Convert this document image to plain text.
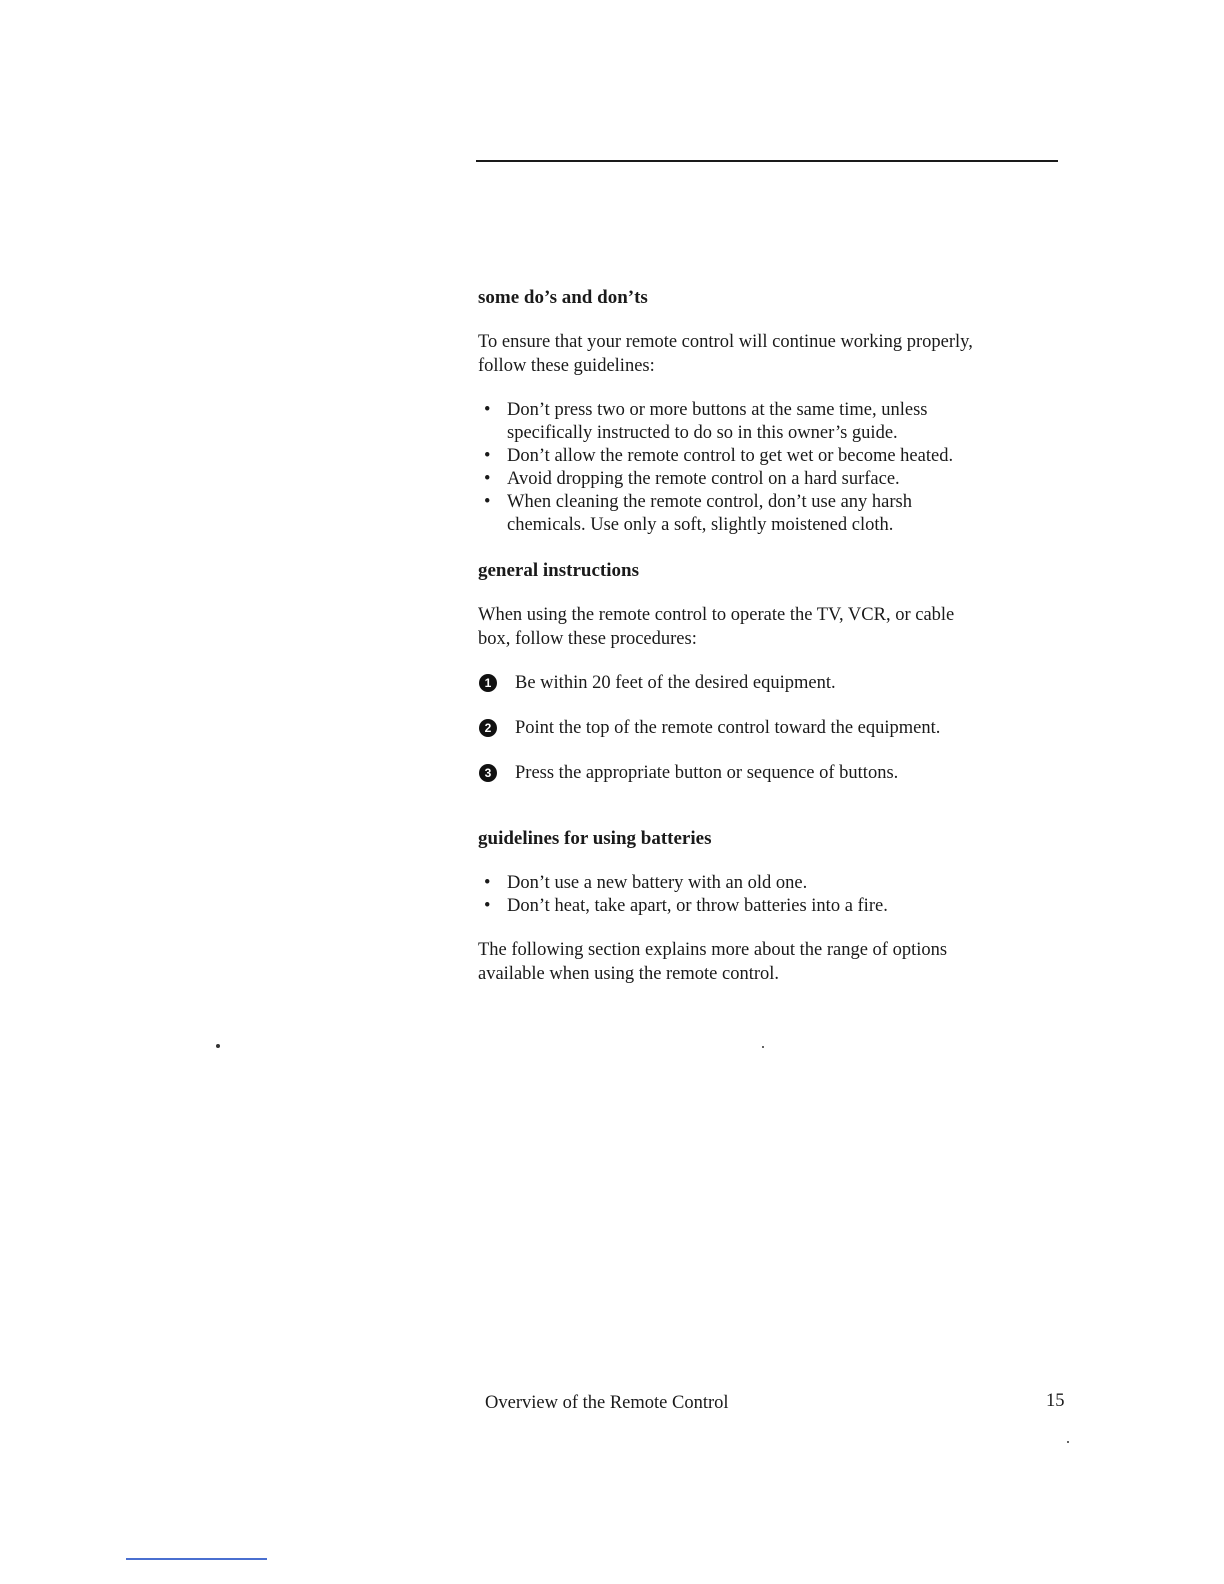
some do’s and don’ts

To ensure that your remote control will continue working properly,
follow these guidelines:

• Don’t press two or more buttons at the same time, unless
specifically instructed to do so in this owner’s guide.
• Don’t allow the remote control to get wet or become heated.
• Avoid dropping the remote control on a hard surface.
• When cleaning the remote control, don’t use any harsh
chemicals. Use only a soft, slightly moistened cloth.
general instructions

When using the remote control to operate the TV, VCR, or cable
box, follow these procedures:

1	Be within 20 feet of the desired equipment.
2	Point the top of the remote control toward the equipment.
3	Press the appropriate button or sequence of buttons.
guidelines for using batteries
• Don’t use a new battery with an old one.
• Don’t heat, take apart, or throw batteries into a fire.

The following section explains more about the range of options
available when using the remote control.

Overview of the Remote Control	15
